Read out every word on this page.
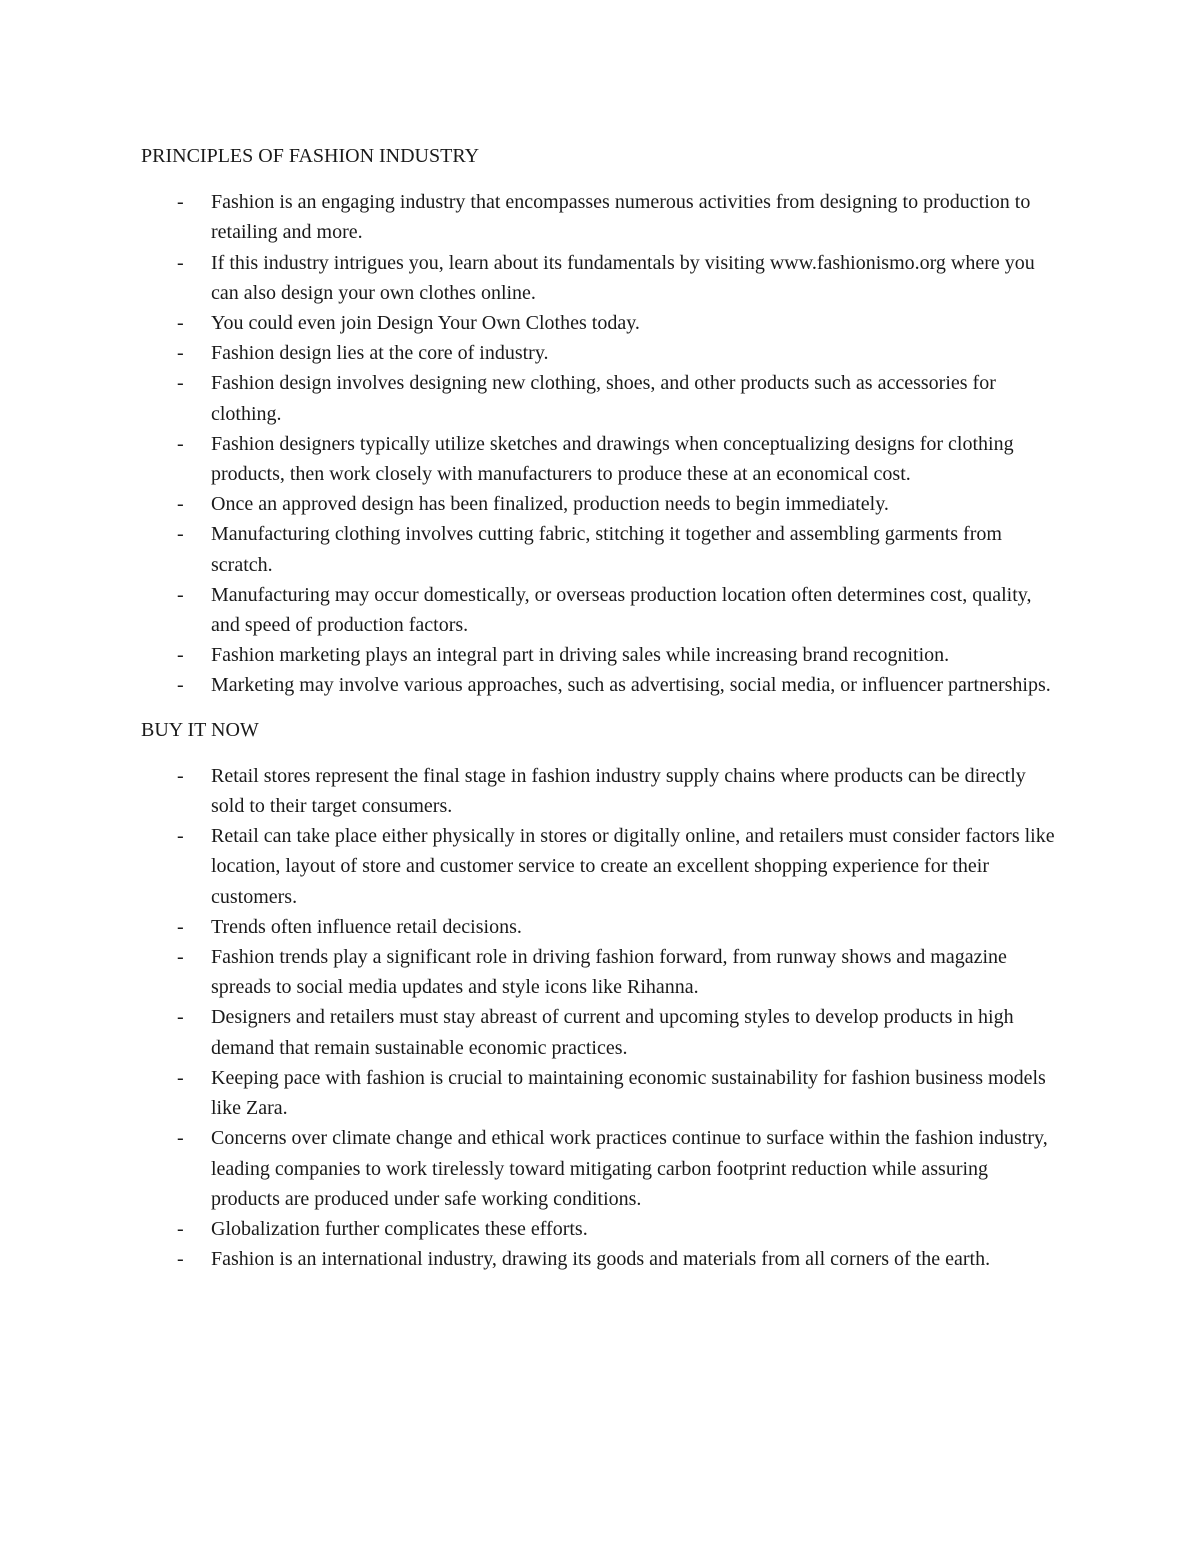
PRINCIPLES OF FASHION INDUSTRY
- Fashion is an engaging industry that encompasses numerous activities from designing to production to retailing and more.
- If this industry intrigues you, learn about its fundamentals by visiting www.fashionismo.org where you can also design your own clothes online.
- You could even join Design Your Own Clothes today.
- Fashion design lies at the core of industry.
- Fashion design involves designing new clothing, shoes, and other products such as accessories for clothing.
- Fashion designers typically utilize sketches and drawings when conceptualizing designs for clothing products, then work closely with manufacturers to produce these at an economical cost.
- Once an approved design has been finalized, production needs to begin immediately.
- Manufacturing clothing involves cutting fabric, stitching it together and assembling garments from scratch.
- Manufacturing may occur domestically, or overseas production location often determines cost, quality, and speed of production factors.
- Fashion marketing plays an integral part in driving sales while increasing brand recognition.
- Marketing may involve various approaches, such as advertising, social media, or influencer partnerships.
BUY IT NOW
- Retail stores represent the final stage in fashion industry supply chains where products can be directly sold to their target consumers.
- Retail can take place either physically in stores or digitally online, and retailers must consider factors like location, layout of store and customer service to create an excellent shopping experience for their customers.
- Trends often influence retail decisions.
- Fashion trends play a significant role in driving fashion forward, from runway shows and magazine spreads to social media updates and style icons like Rihanna.
- Designers and retailers must stay abreast of current and upcoming styles to develop products in high demand that remain sustainable economic practices.
- Keeping pace with fashion is crucial to maintaining economic sustainability for fashion business models like Zara.
- Concerns over climate change and ethical work practices continue to surface within the fashion industry, leading companies to work tirelessly toward mitigating carbon footprint reduction while assuring products are produced under safe working conditions.
- Globalization further complicates these efforts.
- Fashion is an international industry, drawing its goods and materials from all corners of the earth.
